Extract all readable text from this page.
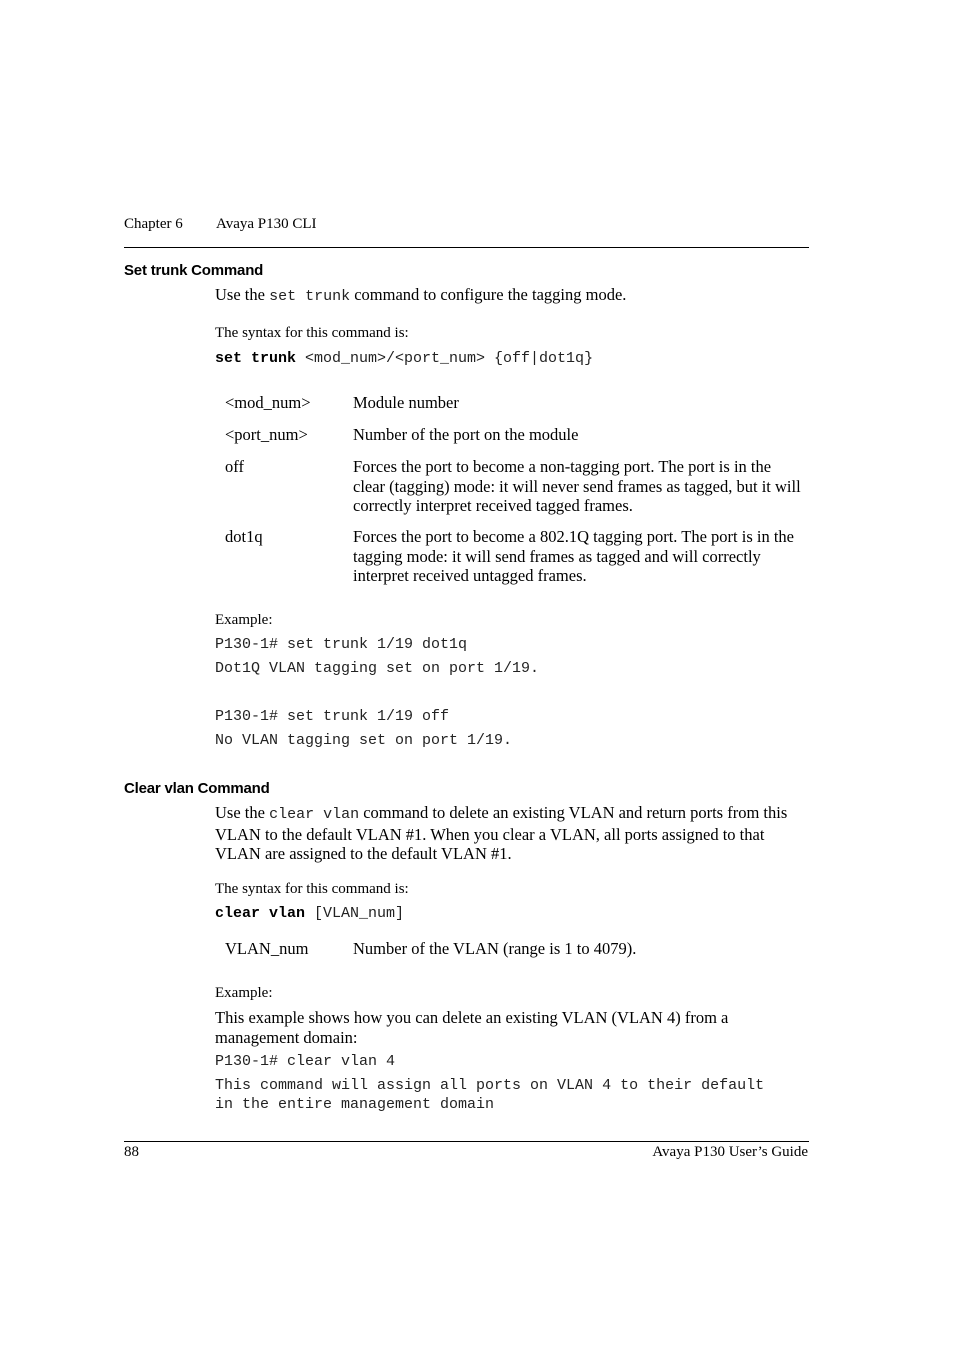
Chapter 6 Avaya P130 CLI
Set trunk Command
Use the set trunk command to configure the tagging mode.
The syntax for this command is:
set trunk <mod_num>/<port_num> {off|dot1q}
<mod_num>	Module number
<port_num>	Number of the port on the module
off	Forces the port to become a non-tagging port. The port is in the clear (tagging) mode: it will never send frames as tagged, but it will correctly interpret received tagged frames.
dot1q	Forces the port to become a 802.1Q tagging port. The port is in the tagging mode: it will send frames as tagged and will correctly interpret received untagged frames.
Example:
P130-1# set trunk 1/19 dot1q
Dot1Q VLAN tagging set on port 1/19.
P130-1# set trunk 1/19 off
No VLAN tagging set on port 1/19.
Clear vlan Command
Use the clear vlan command to delete an existing VLAN and return ports from this VLAN to the default VLAN #1. When you clear a VLAN, all ports assigned to that VLAN are assigned to the default VLAN #1.
The syntax for this command is:
clear vlan [VLAN_num]
VLAN_num	Number of the VLAN (range is 1 to 4079).
Example:
This example shows how you can delete an existing VLAN (VLAN 4) from a management domain:
P130-1# clear vlan 4
This command will assign all ports on VLAN 4 to their default
in the entire management domain
88	Avaya P130 User’s Guide
